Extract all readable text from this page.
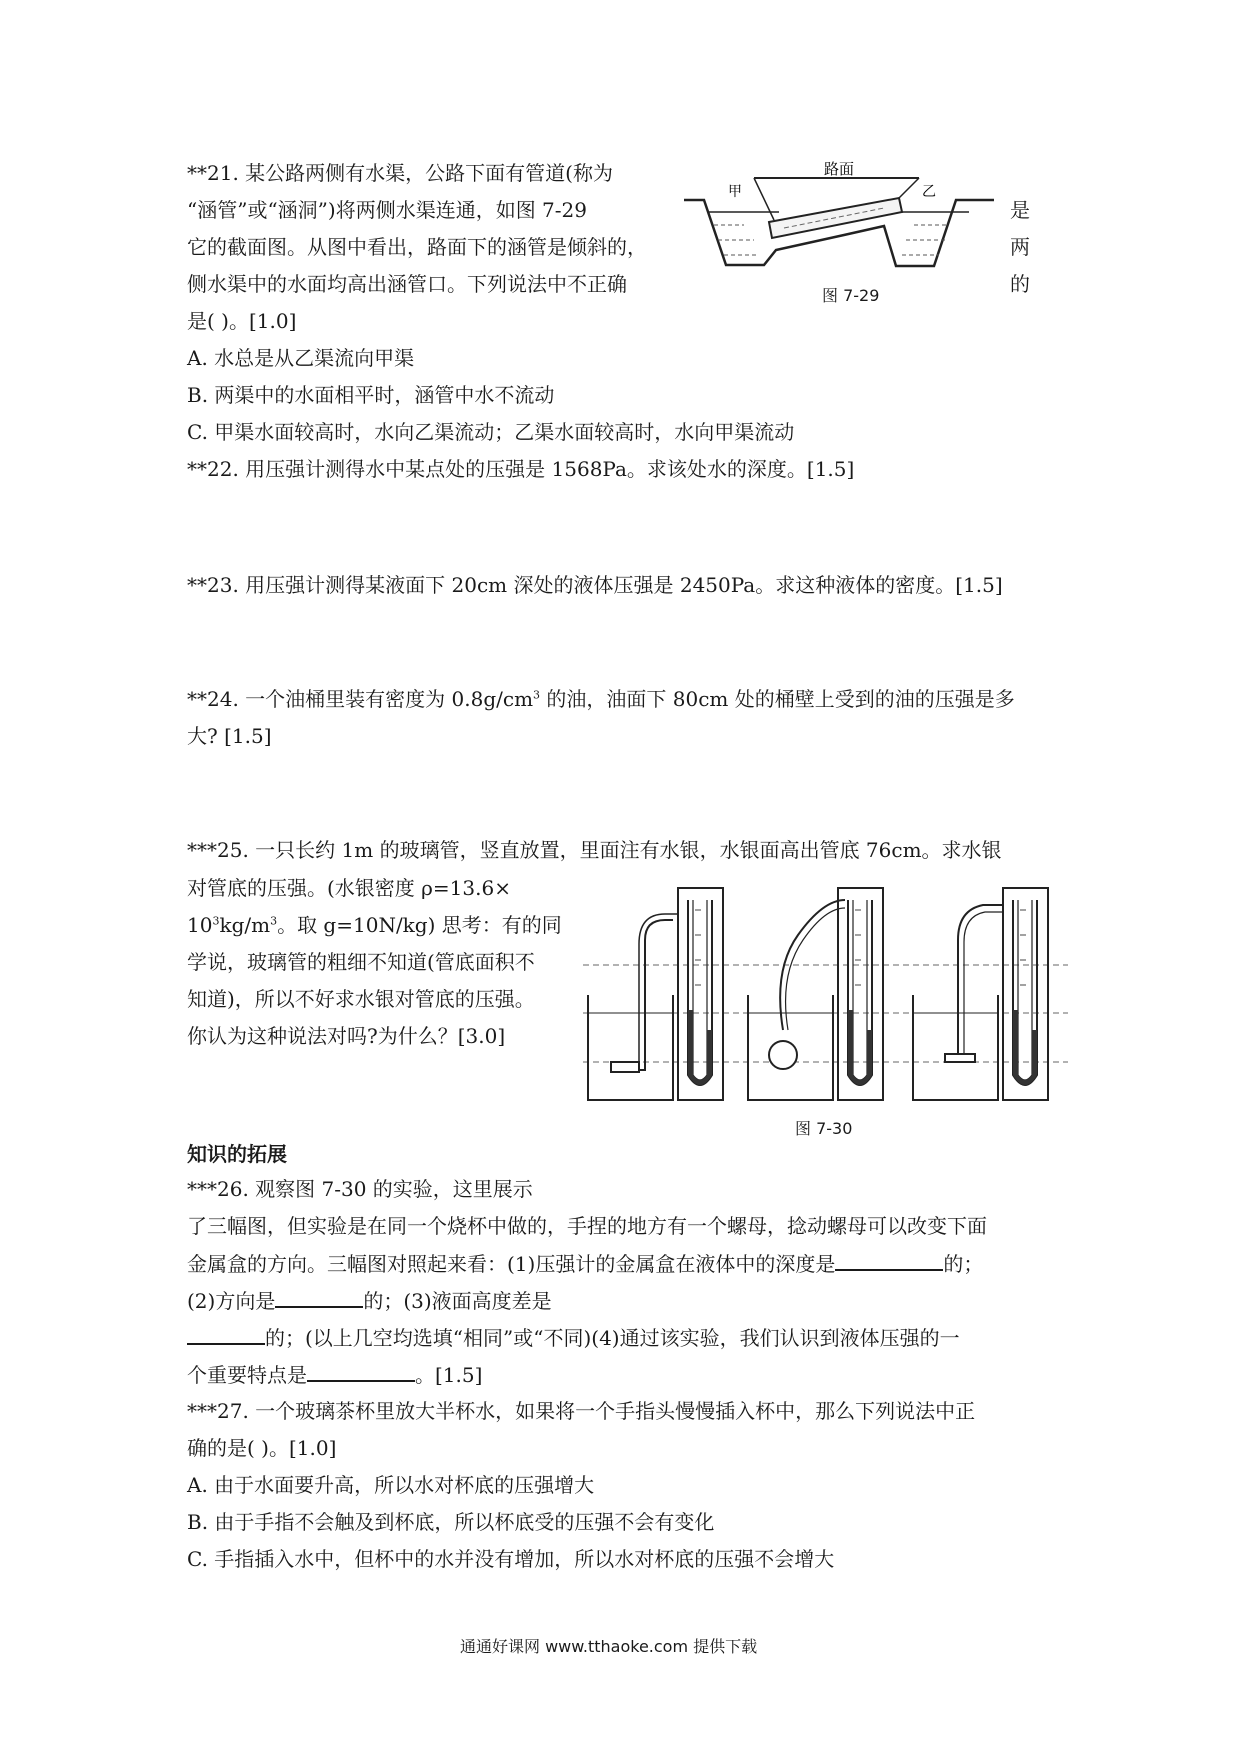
**21. 某公路两侧有水渠，公路下面有管道(称为
“涵管”或“涵洞”)将两侧水渠连通，如图 7-29	是
它的截面图。从图中看出，路面下的涵管是倾斜的，	两
侧水渠中的水面均高出涵管口。下列说法中不正确	的
是( )。[1.0]
A. 水总是从乙渠流向甲渠
B. 两渠中的水面相平时，涵管中水不流动
C. 甲渠水面较高时，水向乙渠流动；乙渠水面较高时，水向甲渠流动
路面
甲	乙
图 7-29
**22. 用压强计测得水中某点处的压强是 1568Pa。求该处水的深度。[1.5]
**23. 用压强计测得某液面下 20cm 深处的液体压强是 2450Pa。求这种液体的密度。[1.5]
**24. 一个油桶里装有密度为 $0.8g/cm^3$ 的油，油面下 80cm 处的桶壁上受到的油的压强是多
大? [1.5]
***25. 一只长约 1m 的玻璃管，竖直放置，里面注有水银，水银面高出管底 76cm。求水银
对管底的压强。(水银密度 ρ=13.6×
$10^3kg/m^3$。取 g=10N/kg) 思考：有的同
学说，玻璃管的粗细不知道(管底面积不
知道)，所以不好求水银对管底的压强。
你认为这种说法对吗?为什么？[3.0]
图 7-30
知识的拓展
***26. 观察图 7-30 的实验，这里展示
了三幅图，但实验是在同一个烧杯中做的，手捏的地方有一个螺母，捻动螺母可以改变下面
金属盒的方向。三幅图对照起来看：(1)压强计的金属盒在液体中的深度是	的；
(2)方向是	的；(3)液面高度差是
的；(以上几空均选填“相同”或“不同)(4)通过该实验，我们认识到液体压强的一
个重要特点是	。[1.5]
***27. 一个玻璃茶杯里放大半杯水，如果将一个手指头慢慢插入杯中，那么下列说法中正
确的是( )。[1.0]
A. 由于水面要升高，所以水对杯底的压强增大
B. 由于手指不会触及到杯底，所以杯底受的压强不会有变化
C. 手指插入水中，但杯中的水并没有增加，所以水对杯底的压强不会增大
通通好课网 www.tthaoke.com 提供下载
